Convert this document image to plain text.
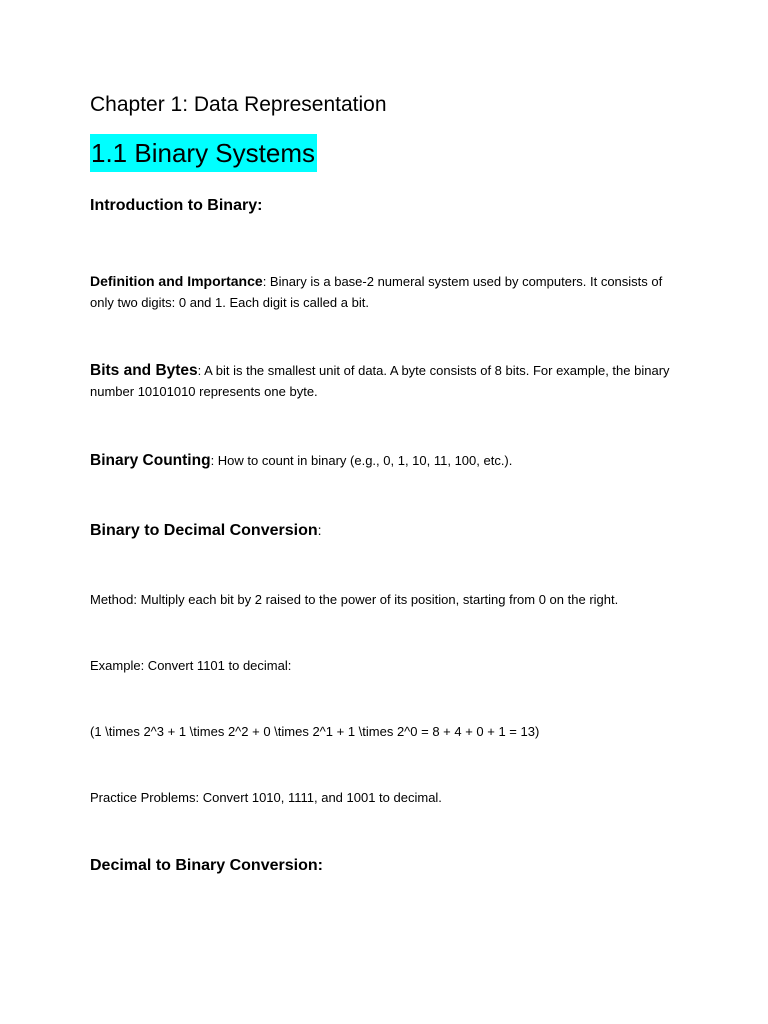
Chapter 1: Data Representation
1.1 Binary Systems
Introduction to Binary:

Definition and Importance: Binary is a base-2 numeral system used by computers. It consists of only two digits: 0 and 1. Each digit is called a bit.

Bits and Bytes: A bit is the smallest unit of data. A byte consists of 8 bits. For example, the binary number 10101010 represents one byte.

Binary Counting: How to count in binary (e.g., 0, 1, 10, 11, 100, etc.).

Binary to Decimal Conversion:

Method: Multiply each bit by 2 raised to the power of its position, starting from 0 on the right.

Example: Convert 1101 to decimal:

(1 \times 2^3 + 1 \times 2^2 + 0 \times 2^1 + 1 \times 2^0 = 8 + 4 + 0 + 1 = 13)

Practice Problems: Convert 1010, 1111, and 1001 to decimal.

Decimal to Binary Conversion:
